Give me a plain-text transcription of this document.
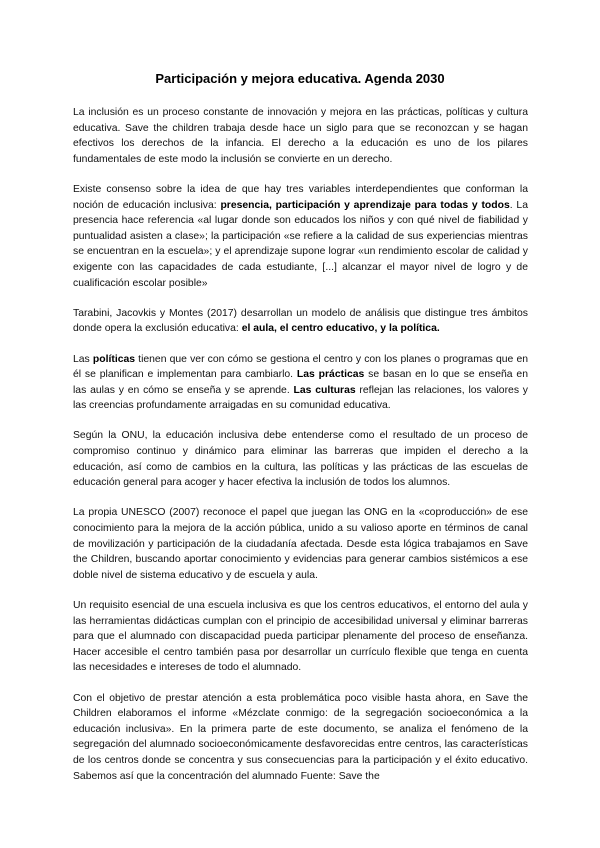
Participación y mejora educativa. Agenda 2030

La inclusión es un proceso constante de innovación y mejora en las prácticas, políticas y cultura educativa. Save the children trabaja desde hace un siglo para que se reconozcan y se hagan efectivos los derechos de la infancia. El derecho a la educación es uno de los pilares fundamentales de este modo la inclusión se convierte en un derecho.

Existe consenso sobre la idea de que hay tres variables interdependientes que conforman la noción de educación inclusiva: presencia, participación y aprendizaje para todas y todos. La presencia hace referencia «al lugar donde son educados los niños y con qué nivel de fiabilidad y puntualidad asisten a clase»; la participación «se refiere a la calidad de sus experiencias mientras se encuentran en la escuela»; y el aprendizaje supone lograr «un rendimiento escolar de calidad y exigente con las capacidades de cada estudiante, [...] alcanzar el mayor nivel de logro y de cualificación escolar posible»

Tarabini, Jacovkis y Montes (2017) desarrollan un modelo de análisis que distingue tres ámbitos donde opera la exclusión educativa: el aula, el centro educativo, y la política.

Las políticas tienen que ver con cómo se gestiona el centro y con los planes o programas que en él se planifican e implementan para cambiarlo. Las prácticas se basan en lo que se enseña en las aulas y en cómo se enseña y se aprende. Las culturas reflejan las relaciones, los valores y las creencias profundamente arraigadas en su comunidad educativa.

Según la ONU, la educación inclusiva debe entenderse como el resultado de un proceso de compromiso continuo y dinámico para eliminar las barreras que impiden el derecho a la educación, así como de cambios en la cultura, las políticas y las prácticas de las escuelas de educación general para acoger y hacer efectiva la inclusión de todos los alumnos.

La propia UNESCO (2007) reconoce el papel que juegan las ONG en la «coproducción» de ese conocimiento para la mejora de la acción pública, unido a su valioso aporte en términos de canal de movilización y participación de la ciudadanía afectada. Desde esta lógica trabajamos en Save the Children, buscando aportar conocimiento y evidencias para generar cambios sistémicos a ese doble nivel de sistema educativo y de escuela y aula.

Un requisito esencial de una escuela inclusiva es que los centros educativos, el entorno del aula y las herramientas didácticas cumplan con el principio de accesibilidad universal y eliminar barreras para que el alumnado con discapacidad pueda participar plenamente del proceso de enseñanza. Hacer accesible el centro también pasa por desarrollar un currículo flexible que tenga en cuenta las necesidades e intereses de todo el alumnado.

Con el objetivo de prestar atención a esta problemática poco visible hasta ahora, en Save the Children elaboramos el informe «Mézclate conmigo: de la segregación socioeconómica a la educación inclusiva». En la primera parte de este documento, se analiza el fenómeno de la segregación del alumnado socioeconómicamente desfavorecidas entre centros, las características de los centros donde se concentra y sus consecuencias para la participación y el éxito educativo. Sabemos así que la concentración del alumnado Fuente: Save the
